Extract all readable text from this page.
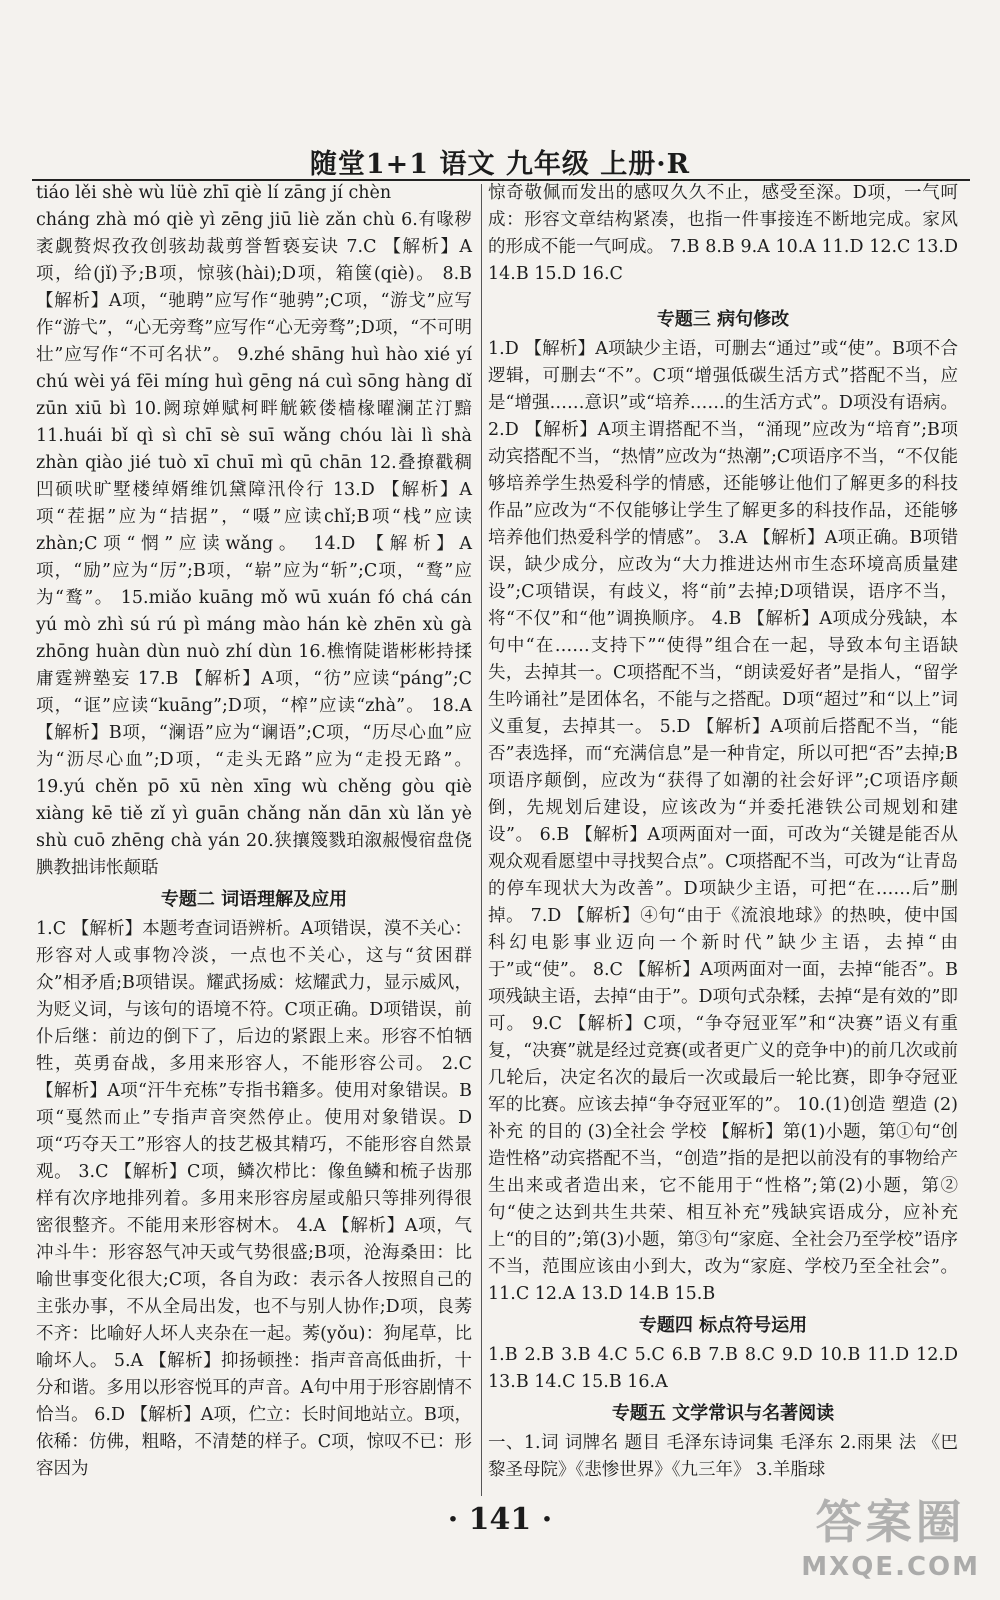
随堂1+1 语文 九年级 上册·R

tiáo lěi shè wù lüè zhī qiè lí zāng jí chèn

cháng zhà mó qiè yì zēng jiū liè zǎn chù 6.有喙秽袤觑赘烬孜孜创骇劫裁剪誉暂亵妄诀 7.C 【解析】A项，给(jǐ)予;B项，惊骇(hài);D项，箱箧(qiè)。 8.B 【解析】A项，“驰聘”应写作“驰骋”;C项，“游戈”应写作“游弋”，“心无旁骛”应写作“心无旁骛”;D项，“不可明壮”应写作“不可名状”。 9.zhé shāng huì hào xié yí chú wèi yá fēi míng huì gēng ná cuì sōng hàng dǐ zūn xiū bì 10.阙琼婵赋柯畔觥簌偻樯椽曜澜芷汀黯 11.huái bǐ qì sì chī sè suī wǎng chóu lài lì shà zhàn qiào jié tuò xī chuī mì qū chān 12.叠撩戳稠凹硕吠旷墅楼绰婿维饥黛障汛伶行 13.D 【解析】A项“茬据”应为“拮据”，“嗫”应读chǐ;B项“栈”应读zhàn;C项“惘”应读wǎng。 14.D 【解析】A项，“励”应为“厉”;B项，“崭”应为“斩”;C项，“鹜”应为“鹜”。 15.miǎo kuāng mǒ wū xuán fó chá cán yú mò zhì sú rú pì máng mào hán kè zhēn xù gà zhōng huàn dùn nuò zhí dùn 16.樵惰陡谐彬彬持揉庸霆辨塾妄 17.B 【解析】A项，“彷”应读“páng”;C项，“诓”应读“kuāng”;D项，“榨”应读“zhà”。 18.A 【解析】B项，“澜语”应为“谰语”;C项，“历尽心血”应为“沥尽心血”;D项，“走头无路”应为“走投无路”。 19.yú chěn pō xū nèn xīng wù chěng gòu qiè xiàng kē tiě zǐ yì guān chǎng nǎn dān xù lǎn yè shù cuō zhēng chà yán 20.狭攘篾戮珀溆赧慢宿盘侥腆教拙讳怅颠聒

专题二 词语理解及应用

1.C 【解析】本题考查词语辨析。A项错误，漠不关心：形容对人或事物冷淡，一点也不关心，这与“贫困群众”相矛盾;B项错误。耀武扬威：炫耀武力，显示威风，为贬义词，与该句的语境不符。C项正确。D项错误，前仆后继：前边的倒下了，后边的紧跟上来。形容不怕牺牲，英勇奋战，多用来形容人，不能形容公司。 2.C 【解析】A项“汗牛充栋”专指书籍多。使用对象错误。B项“戛然而止”专指声音突然停止。使用对象错误。D项“巧夺天工”形容人的技艺极其精巧，不能形容自然景观。 3.C 【解析】C项，鳞次栉比：像鱼鳞和梳子齿那样有次序地排列着。多用来形容房屋或船只等排列得很密很整齐。不能用来形容树木。 4.A 【解析】A项，气冲斗牛：形容怒气冲天或气势很盛;B项，沧海桑田：比喻世事变化很大;C项，各自为政：表示各人按照自己的主张办事，不从全局出发，也不与别人协作;D项，良莠不齐：比喻好人坏人夹杂在一起。莠(yǒu)：狗尾草，比喻坏人。 5.A 【解析】抑扬顿挫：指声音高低曲折，十分和谐。多用以形容悦耳的声音。A句中用于形容剧情不恰当。 6.D 【解析】A项，伫立：长时间地站立。B项，依稀：仿佛，粗略，不清楚的样子。C项，惊叹不已：形容因为

惊奇敬佩而发出的感叹久久不止，感受至深。D项，一气呵成：形容文章结构紧凑，也指一件事接连不断地完成。家风的形成不能一气呵成。 7.B 8.B 9.A 10.A 11.D 12.C 13.D 14.B 15.D 16.C

专题三 病句修改

1.D 【解析】A项缺少主语，可删去“通过”或“使”。B项不合逻辑，可删去“不”。C项“增强低碳生活方式”搭配不当，应是“增强……意识”或“培养……的生活方式”。D项没有语病。 2.D 【解析】A项主谓搭配不当，“涌现”应改为“培育”;B项动宾搭配不当，“热情”应改为“热潮”;C项语序不当，“不仅能够培养学生热爱科学的情感，还能够让他们了解更多的科技作品”应改为“不仅能够让学生了解更多的科技作品，还能够培养他们热爱科学的情感”。 3.A 【解析】A项正确。B项错误，缺少成分，应改为“大力推进达州市生态环境高质量建设”;C项错误，有歧义，将“前”去掉;D项错误，语序不当，将“不仅”和“他”调换顺序。 4.B 【解析】A项成分残缺，本句中“在……支持下”“使得”组合在一起，导致本句主语缺失，去掉其一。C项搭配不当，“朗读爱好者”是指人，“留学生吟诵社”是团体名，不能与之搭配。D项“超过”和“以上”词义重复，去掉其一。 5.D 【解析】A项前后搭配不当，“能否”表选择，而“充满信息”是一种肯定，所以可把“否”去掉;B项语序颠倒，应改为“获得了如潮的社会好评”;C项语序颠倒，先规划后建设，应该改为“并委托港铁公司规划和建设”。 6.B 【解析】A项两面对一面，可改为“关键是能否从观众观看愿望中寻找契合点”。C项搭配不当，可改为“让青岛的停车现状大为改善”。D项缺少主语，可把“在……后”删掉。 7.D 【解析】④句“由于《流浪地球》的热映，使中国科幻电影事业迈向一个新时代”缺少主语，去掉“由于”或“使”。 8.C 【解析】A项两面对一面，去掉“能否”。B项残缺主语，去掉“由于”。D项句式杂糅，去掉“是有效的”即可。 9.C 【解析】C项，“争夺冠亚军”和“决赛”语义有重复，“决赛”就是经过竞赛(或者更广义的竞争中)的前几次或前几轮后，决定名次的最后一次或最后一轮比赛，即争夺冠亚军的比赛。应该去掉“争夺冠亚军的”。 10.(1)创造 塑造 (2)补充 的目的 (3)全社会 学校 【解析】第(1)小题，第①句“创造性格”动宾搭配不当，“创造”指的是把以前没有的事物给产生出来或者造出来，它不能用于“性格”;第(2)小题，第②句“使之达到共生共荣、相互补充”残缺宾语成分，应补充上“的目的”;第(3)小题，第③句“家庭、全社会乃至学校”语序不当，范围应该由小到大，改为“家庭、学校乃至全社会”。 11.C 12.A 13.D 14.B 15.B

专题四 标点符号运用

1.B 2.B 3.B 4.C 5.C 6.B 7.B 8.C 9.D 10.B 11.D 12.D 13.B 14.C 15.B 16.A

专题五 文学常识与名著阅读

一、1.词 词牌名 题目 毛泽东诗词集 毛泽东 2.雨果 法 《巴黎圣母院》《悲惨世界》《九三年》 3.羊脂球

· 141 ·	答案圈
MXQE.COM
